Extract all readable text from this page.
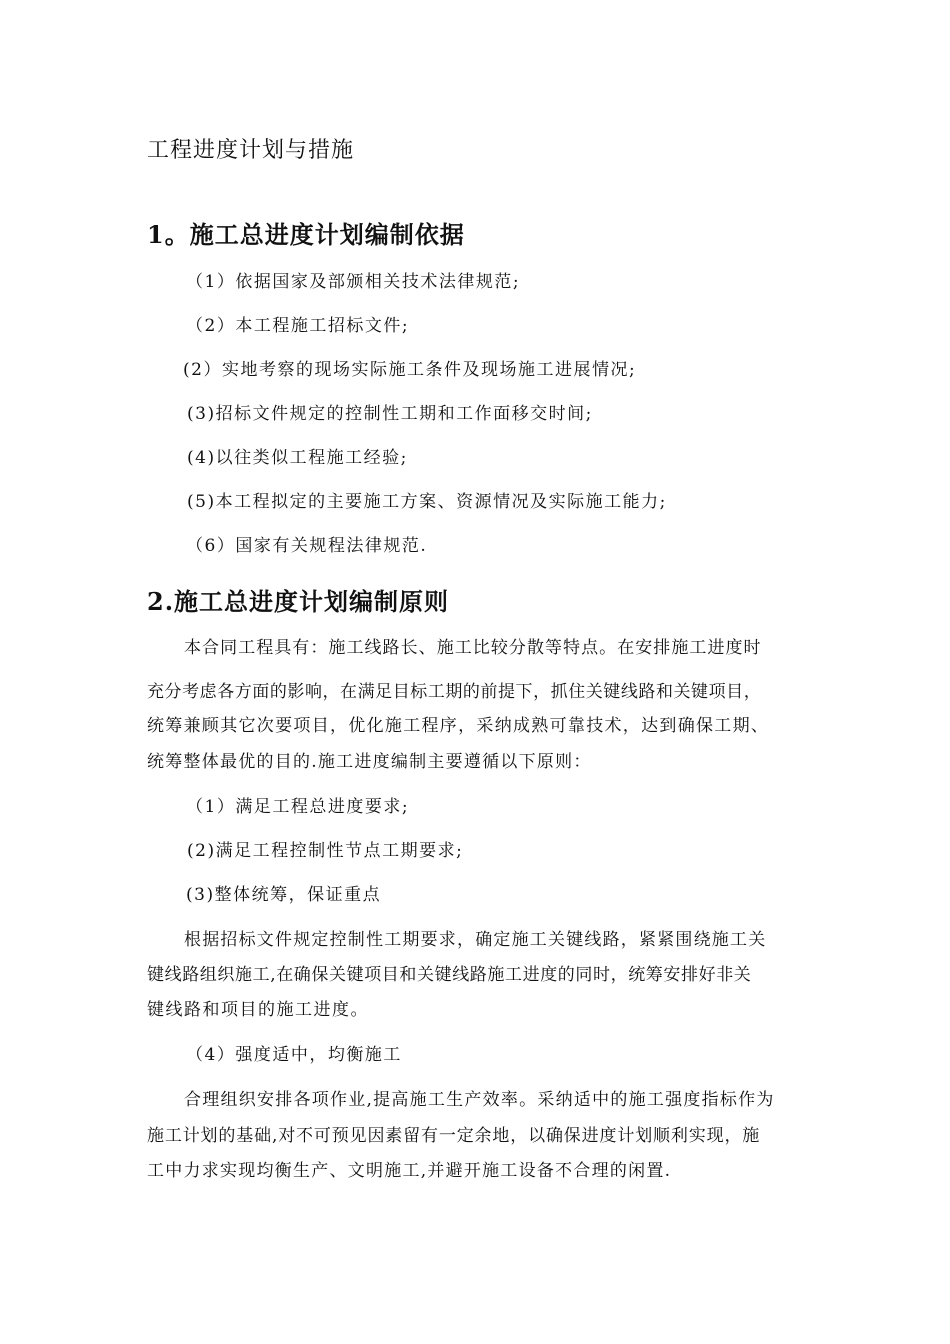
工程进度计划与措施
1。施工总进度计划编制依据
（1）依据国家及部颁相关技术法律规范;
（2）本工程施工招标文件;
(2）实地考察的现场实际施工条件及现场施工进展情况;
(3)招标文件规定的控制性工期和工作面移交时间;
(4)以往类似工程施工经验;
(5)本工程拟定的主要施工方案、资源情况及实际施工能力;
（6）国家有关规程法律规范.
2.施工总进度计划编制原则
本合同工程具有：施工线路长、施工比较分散等特点。在安排施工进度时
充分考虑各方面的影响，在满足目标工期的前提下，抓住关键线路和关键项目，
统筹兼顾其它次要项目，优化施工程序，采纳成熟可靠技术，达到确保工期、
统筹整体最优的目的.施工进度编制主要遵循以下原则：
（1）满足工程总进度要求;
(2)满足工程控制性节点工期要求;
(3)整体统筹，保证重点
根据招标文件规定控制性工期要求，确定施工关键线路，紧紧围绕施工关
键线路组织施工,在确保关键项目和关键线路施工进度的同时，统筹安排好非关
键线路和项目的施工进度。
（4）强度适中，均衡施工
合理组织安排各项作业,提高施工生产效率。采纳适中的施工强度指标作为
施工计划的基础,对不可预见因素留有一定余地，以确保进度计划顺利实现，施
工中力求实现均衡生产、文明施工,并避开施工设备不合理的闲置.
